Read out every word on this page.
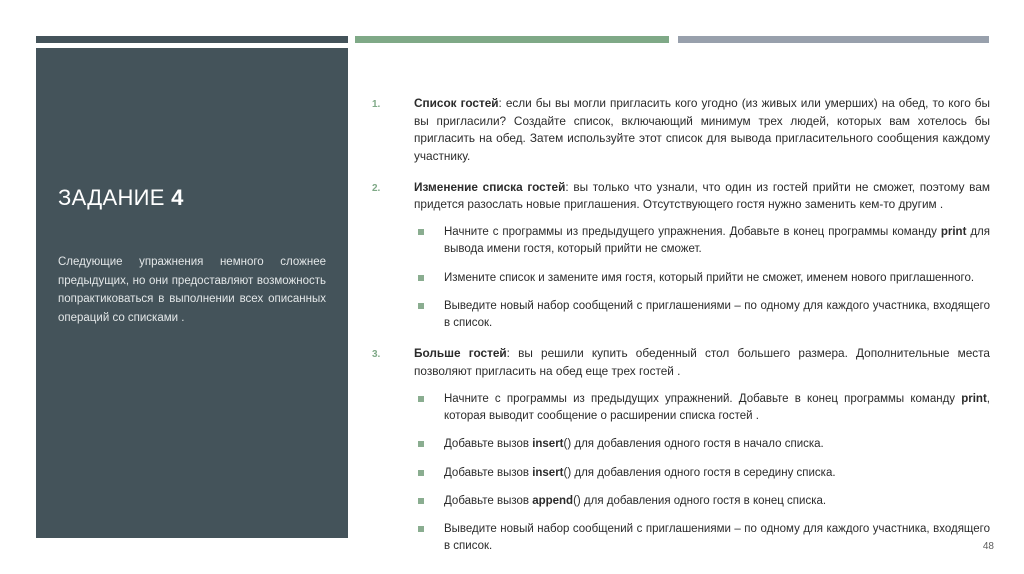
ЗАДАНИЕ 4
Следующие упражнения немного сложнее предыдущих, но они предоставляют возможность попрактиковаться в выполнении всех описанных операций со списками .
1.	Список гостей: если бы вы могли пригласить кого угодно (из живых или умерших) на обед, то кого бы вы пригласили? Создайте список, включающий минимум трех людей, которых вам хотелось бы пригласить на обед. Затем используйте этот список для вывода пригласительного сообщения каждому участнику.
2.	Изменение списка гостей: вы только что узнали, что один из гостей прийти не сможет, поэтому вам придется разослать новые приглашения. Отсутствующего гостя нужно заменить кем-то другим .
Начните с программы из предыдущего упражнения. Добавьте в конец программы команду print для вывода имени гостя, который прийти не сможет.
Измените список и замените имя гостя, который прийти не сможет, именем нового приглашенного.
Выведите новый набор сообщений с приглашениями – по одному для каждого участника, входящего в список.
3.	Больше гостей: вы решили купить обеденный стол большего размера. Дополнительные места позволяют пригласить на обед еще трех гостей .
Начните с программы из предыдущих упражнений. Добавьте в конец программы команду print, которая выводит сообщение о расширении списка гостей .
Добавьте вызов insert() для добавления одного гостя в начало списка.
Добавьте вызов insert() для добавления одного гостя в середину списка.
Добавьте вызов append() для добавления одного гостя в конец списка.
Выведите новый набор сообщений с приглашениями – по одному для каждого участника, входящего в список.	48
